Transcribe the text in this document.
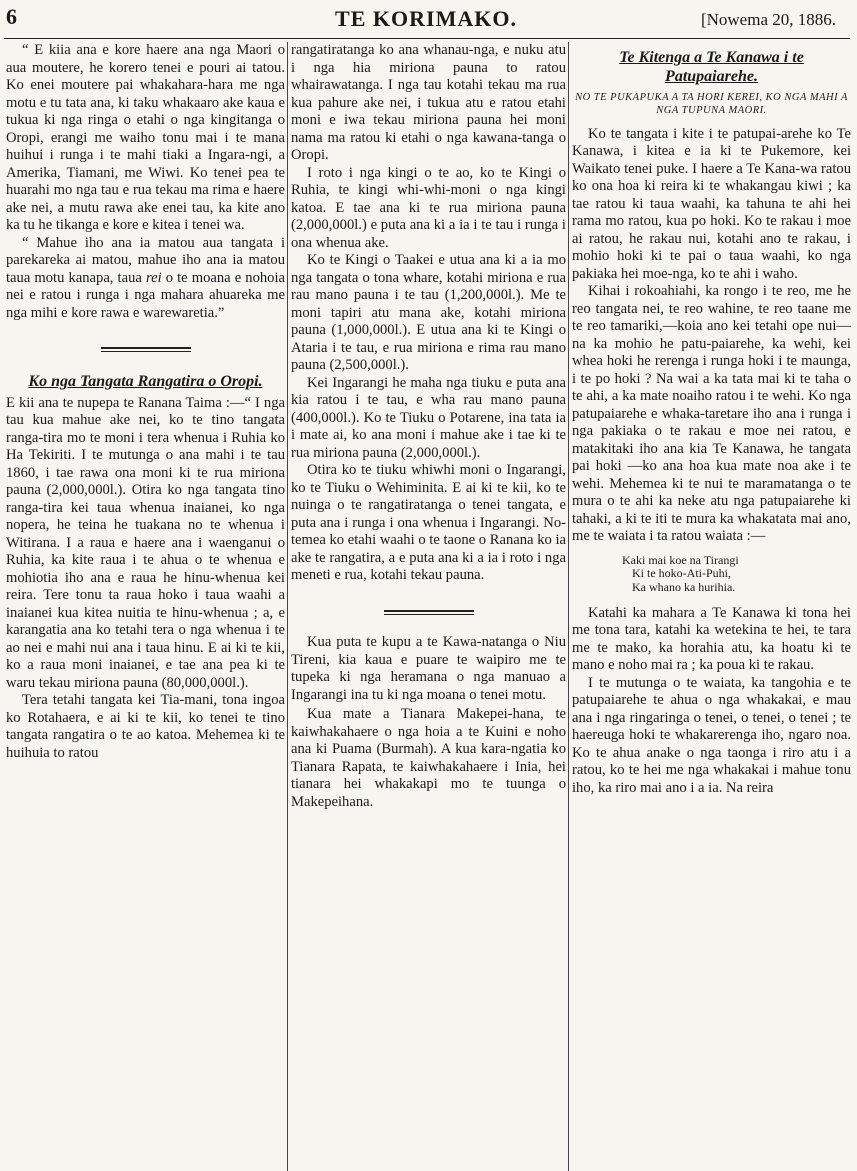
6	TE KORIMAKO.	[Nowema 20, 1886.

“ E kiia ana e kore haere ana nga Maori o aua moutere, he korero tenei e pouri ai tatou. Ko enei moutere pai whakahara-hara me nga motu e tu tata ana, ki taku whakaaro ake kaua e tukua ki nga ringa o etahi o nga kingitanga o Oropi, erangi me waiho tonu mai i te mana huihui i runga i te mahi tiaki a Ingara-ngi, a Amerika, Tiamani, me Wiwi. Ko tenei pea te huarahi mo nga tau e rua tekau ma rima e haere ake nei, a mutu rawa ake enei tau, ka kite ano ka tu he tikanga e kore e kitea i tenei wa.

“ Mahue iho ana ia matou aua tangata i parekareka ai matou, mahue iho ana ia matou taua motu kanapa, taua rei o te moana e nohoia nei e ratou i runga i nga mahara ahuareka me nga mihi e kore rawa e warewaretia.”

Ko nga Tangata Rangatira o Oropi.

E kii ana te nupepa te Ranana Taima :—“ I nga tau kua mahue ake nei, ko te tino tangata ranga-tira mo te moni i tera whenua i Ruhia ko Ha Tekiriti. I te mutunga o ana mahi i te tau 1860, i tae rawa ona moni ki te rua miriona pauna (2,000,000l.). Otira ko nga tangata tino ranga-tira kei taua whenua inaianei, ko nga nopera, he teina he tuakana no te whenua i Witirana. I a raua e haere ana i waenganui o Ruhia, ka kite raua i te ahua o te whenua e mohiotia iho ana e raua he hinu-whenua kei reira. Tere tonu ta raua hoko i taua waahi a inaianei kua kitea nuitia te hinu-whenua ; a, e karangatia ana ko tetahi tera o nga whenua i te ao nei e mahi nui ana i taua hinu. E ai ki te kii, ko a raua moni inaianei, e tae ana pea ki te waru tekau miriona pauna (80,000,000l.).

Tera tetahi tangata kei Tia-mani, tona ingoa ko Rotahaera, e ai ki te kii, ko tenei te tino tangata rangatira o te ao katoa. Mehemea ki te huihuia to ratou

rangatiratanga ko ana whanau-nga, e nuku atu i nga hia miriona pauna to ratou whairawatanga. I nga tau kotahi tekau ma rua kua pahure ake nei, i tukua atu e ratou etahi moni e iwa tekau miriona pauna hei moni nama ma ratou ki etahi o nga kawana-tanga o Oropi.

I roto i nga kingi o te ao, ko te Kingi o Ruhia, te kingi whi-whi-moni o nga kingi katoa. E tae ana ki te rua miriona pauna (2,000,000l.) e puta ana ki a ia i te tau i runga i ona whenua ake.

Ko te Kingi o Taakei e utua ana ki a ia mo nga tangata o tona whare, kotahi miriona e rua rau mano pauna i te tau (1,200,000l.). Me te moni tapiri atu mana ake, kotahi miriona pauna (1,000,000l.). E utua ana ki te Kingi o Ataria i te tau, e rua miriona e rima rau mano pauna (2,500,000l.).

Kei Ingarangi he maha nga tiuku e puta ana kia ratou i te tau, e wha rau mano pauna (400,000l.). Ko te Tiuku o Potarene, ina tata ia i mate ai, ko ana moni i mahue ake i tae ki te rua miriona pauna (2,000,000l.).

Otira ko te tiuku whiwhi moni o Ingarangi, ko te Tiuku o Wehiminita. E ai ki te kii, ko te nuinga o te rangatiratanga o tenei tangata, e puta ana i runga i ona whenua i Ingarangi. No-temea ko etahi waahi o te taone o Ranana ko ia ake te rangatira, a e puta ana ki a ia i roto i nga meneti e rua, kotahi tekau pauna.

Kua puta te kupu a te Kawa-natanga o Niu Tireni, kia kaua e puare te waipiro me te tupeka ki nga heramana o nga manuao a Ingarangi ina tu ki nga moana o tenei motu.

Kua mate a Tianara Makepei-hana, te kaiwhakahaere o nga hoia a te Kuini e noho ana ki Puama (Burmah). A kua kara-ngatia ko Tianara Rapata, te kaiwhakahaere i Inia, hei tianara hei whakakapi mo te tuunga o Makepeihana.

Te Kitenga a Te Kanawa i te Patupaiarehe.
NO TE PUKAPUKA A TA HORI KEREI, KO NGA MAHI A NGA TUPUNA MAORI.

Ko te tangata i kite i te patupai-arehe ko Te Kanawa, i kitea e ia ki te Pukemore, kei Waikato tenei puke. I haere a Te Kana-wa ratou ko ona hoa ki reira ki te whakangau kiwi ; ka tae ratou ki taua waahi, ka tahuna te ahi hei rama mo ratou, kua po hoki. Ko te rakau i moe ai ratou, he rakau nui, kotahi ano te rakau, i mohio hoki ki te pai o taua waahi, ko nga pakiaka hei moe-nga, ko te ahi i waho.

Kihai i rokoahiahi, ka rongo i te reo, me he reo tangata nei, te reo wahine, te reo taane me te reo tamariki,—koia ano kei tetahi ope nui—na ka mohio he patu-paiarehe, ka wehi, kei whea hoki he rerenga i runga hoki i te maunga, i te po hoki ? Na wai a ka tata mai ki te taha o te ahi, a ka mate noaiho ratou i te wehi. Ko nga patupaiarehe e whaka-taretare iho ana i runga i nga pakiaka o te rakau e moe nei ratou, e matakitaki iho ana kia Te Kanawa, he tangata pai hoki —ko ana hoa kua mate noa ake i te wehi. Mehemea ki te nui te maramatanga o te mura o te ahi ka neke atu nga patupaiarehe ki tahaki, a ki te iti te mura ka whakatata mai ano, me te waiata i ta ratou waiata :—

Kaki mai koe na Tirangi
Ki te hoko-Ati-Puhi,
Ka whano ka hurihia.

Katahi ka mahara a Te Kanawa ki tona hei me tona tara, katahi ka wetekina te hei, te tara me te mako, ka horahia atu, ka hoatu ki te mano e noho mai ra ; ka poua ki te rakau.

I te mutunga o te waiata, ka tangohia e te patupaiarehe te ahua o nga whakakai, e mau ana i nga ringaringa o tenei, o tenei, o tenei ; te haereuga hoki te whakarerenga iho, ngaro noa. Ko te ahua anake o nga taonga i riro atu i a ratou, ko te hei me nga whakakai i mahue tonu iho, ka riro mai ano i a ia. Na reira
